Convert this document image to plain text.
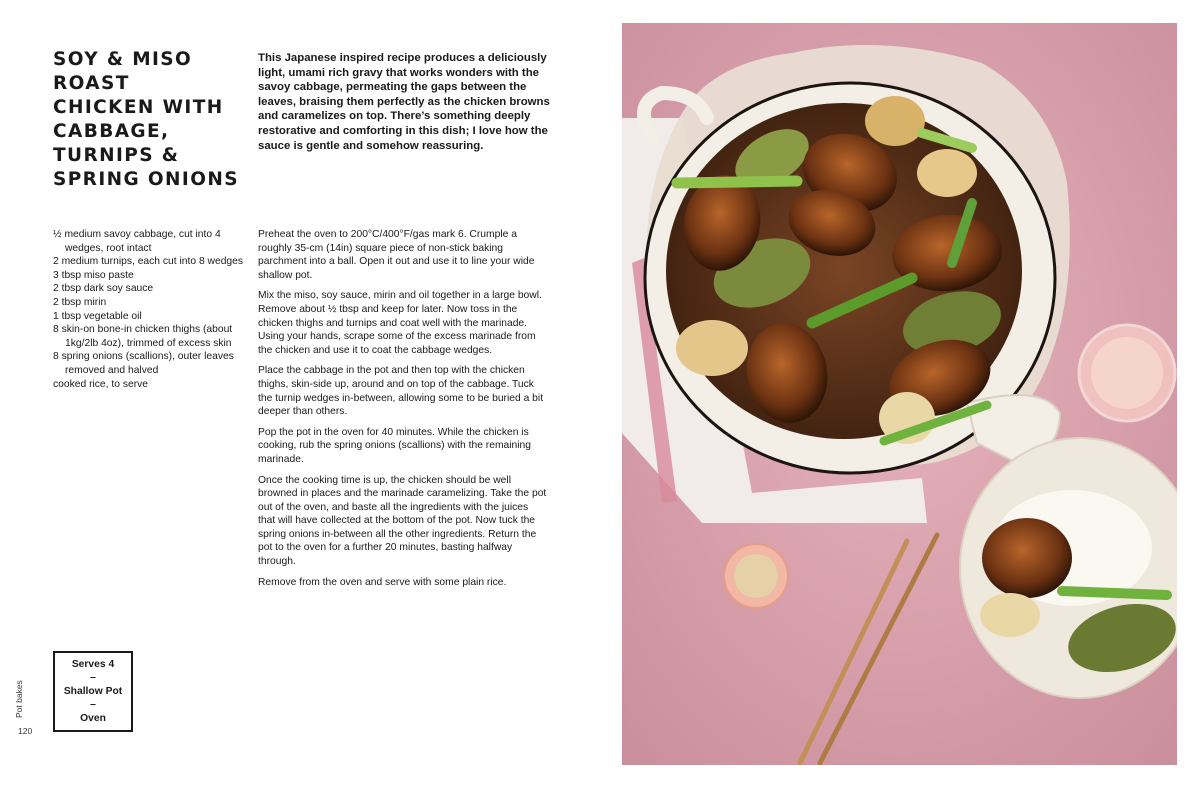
SOY & MISO
ROAST
CHICKEN WITH
CABBAGE,
TURNIPS &
SPRING ONIONS

This Japanese inspired recipe produces a deliciously light, umami rich gravy that works wonders with the savoy cabbage, permeating the gaps between the leaves, braising them perfectly as the chicken browns and caramelizes on top. There’s something deeply restorative and comforting in this dish; I love how the sauce is gentle and somehow reassuring.

½ medium savoy cabbage, cut into 4 wedges, root intact
2 medium turnips, each cut into 8 wedges
3 tbsp miso paste
2 tbsp dark soy sauce
2 tbsp mirin
1 tbsp vegetable oil
8 skin-on bone-in chicken thighs (about 1kg/2lb 4oz), trimmed of excess skin
8 spring onions (scallions), outer leaves removed and halved
cooked rice, to serve

Preheat the oven to 200°C/400°F/gas mark 6. Crumple a roughly 35-cm (14in) square piece of non-stick baking parchment into a ball. Open it out and use it to line your wide shallow pot.

Mix the miso, soy sauce, mirin and oil together in a large bowl. Remove about ½ tbsp and keep for later. Now toss in the chicken thighs and turnips and coat well with the marinade. Using your hands, scrape some of the excess marinade from the chicken and use it to coat the cabbage wedges.

Place the cabbage in the pot and then top with the chicken thighs, skin-side up, around and on top of the cabbage. Tuck the turnip wedges in-between, allowing some to be buried a bit deeper than others.

Pop the pot in the oven for 40 minutes. While the chicken is cooking, rub the spring onions (scallions) with the remaining marinade.

Once the cooking time is up, the chicken should be well browned in places and the marinade caramelizing. Take the pot out of the oven, and baste all the ingredients with the juices that will have collected at the bottom of the pot. Now tuck the spring onions in-between all the other ingredients. Return the pot to the oven for a further 20 minutes, basting halfway through.

Remove from the oven and serve with some plain rice.

Serves 4
–
Shallow Pot
–
Oven
Pot bakes
120
